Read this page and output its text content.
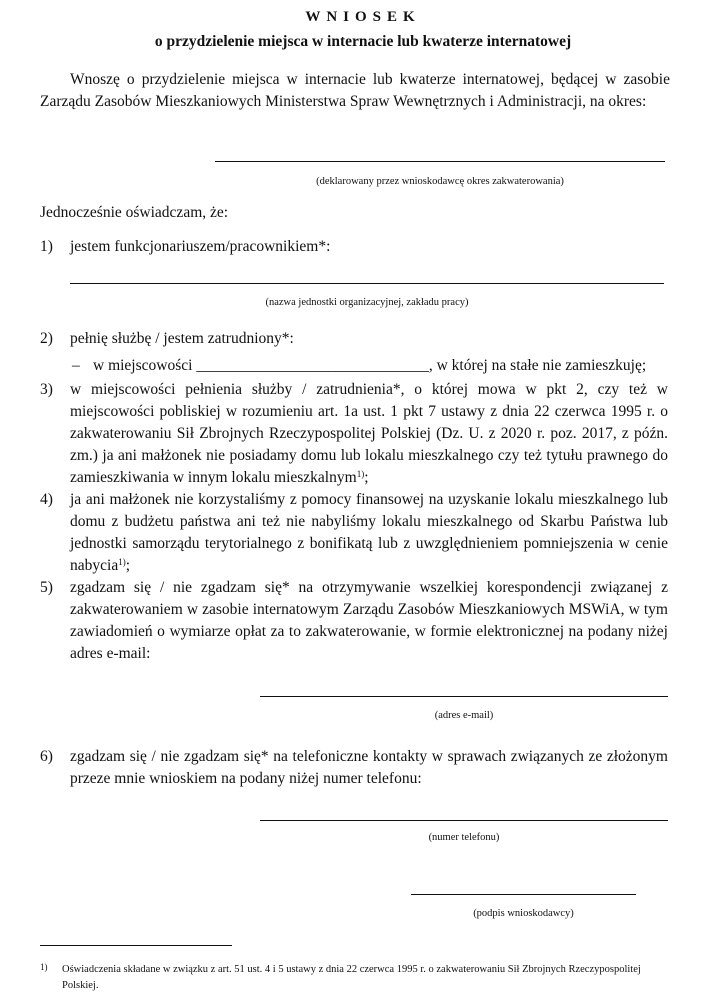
WNIOSEK
o przydzielenie miejsca w internacie lub kwaterze internatowej
Wnoszę o przydzielenie miejsca w internacie lub kwaterze internatowej, będącej w zasobie Zarządu Zasobów Mieszkaniowych Ministerstwa Spraw Wewnętrznych i Administracji, na okres:
(deklarowany przez wnioskodawcę okres zakwaterowania)
Jednocześnie oświadczam, że:
1) jestem funkcjonariuszem/pracownikiem*:
(nazwa jednostki organizacyjnej, zakładu pracy)
2) pełnię służbę / jestem zatrudniony*:
– w miejscowości ______________________________, w której na stałe nie zamieszkuję;
3) w miejscowości pełnienia służby / zatrudnienia*, o której mowa w pkt 2, czy też w miejscowości pobliskiej w rozumieniu art. 1a ust. 1 pkt 7 ustawy z dnia 22 czerwca 1995 r. o zakwaterowaniu Sił Zbrojnych Rzeczypospolitej Polskiej (Dz. U. z 2020 r. poz. 2017, z późn. zm.) ja ani małżonek nie posiadamy domu lub lokalu mieszkalnego czy też tytułu prawnego do zamieszkiwania w innym lokalu mieszkalnym$^{1)}$;
4) ja ani małżonek nie korzystaliśmy z pomocy finansowej na uzyskanie lokalu mieszkalnego lub domu z budżetu państwa ani też nie nabyliśmy lokalu mieszkalnego od Skarbu Państwa lub jednostki samorządu terytorialnego z bonifikatą lub z uwzględnieniem pomniejszenia w cenie nabycia$^{1)}$;
5) zgadzam się / nie zgadzam się* na otrzymywanie wszelkiej korespondencji związanej z zakwaterowaniem w zasobie internatowym Zarządu Zasobów Mieszkaniowych MSWiA, w tym zawiadomień o wymiarze opłat za to zakwaterowanie, w formie elektronicznej na podany niżej adres e-mail:
(adres e-mail)
6) zgadzam się / nie zgadzam się* na telefoniczne kontakty w sprawach związanych ze złożonym przeze mnie wnioskiem na podany niżej numer telefonu:
(numer telefonu)
(podpis wnioskodawcy)
1) Oświadczenia składane w związku z art. 51 ust. 4 i 5 ustawy z dnia 22 czerwca 1995 r. o zakwaterowaniu Sił Zbrojnych Rzeczypospolitej Polskiej.
